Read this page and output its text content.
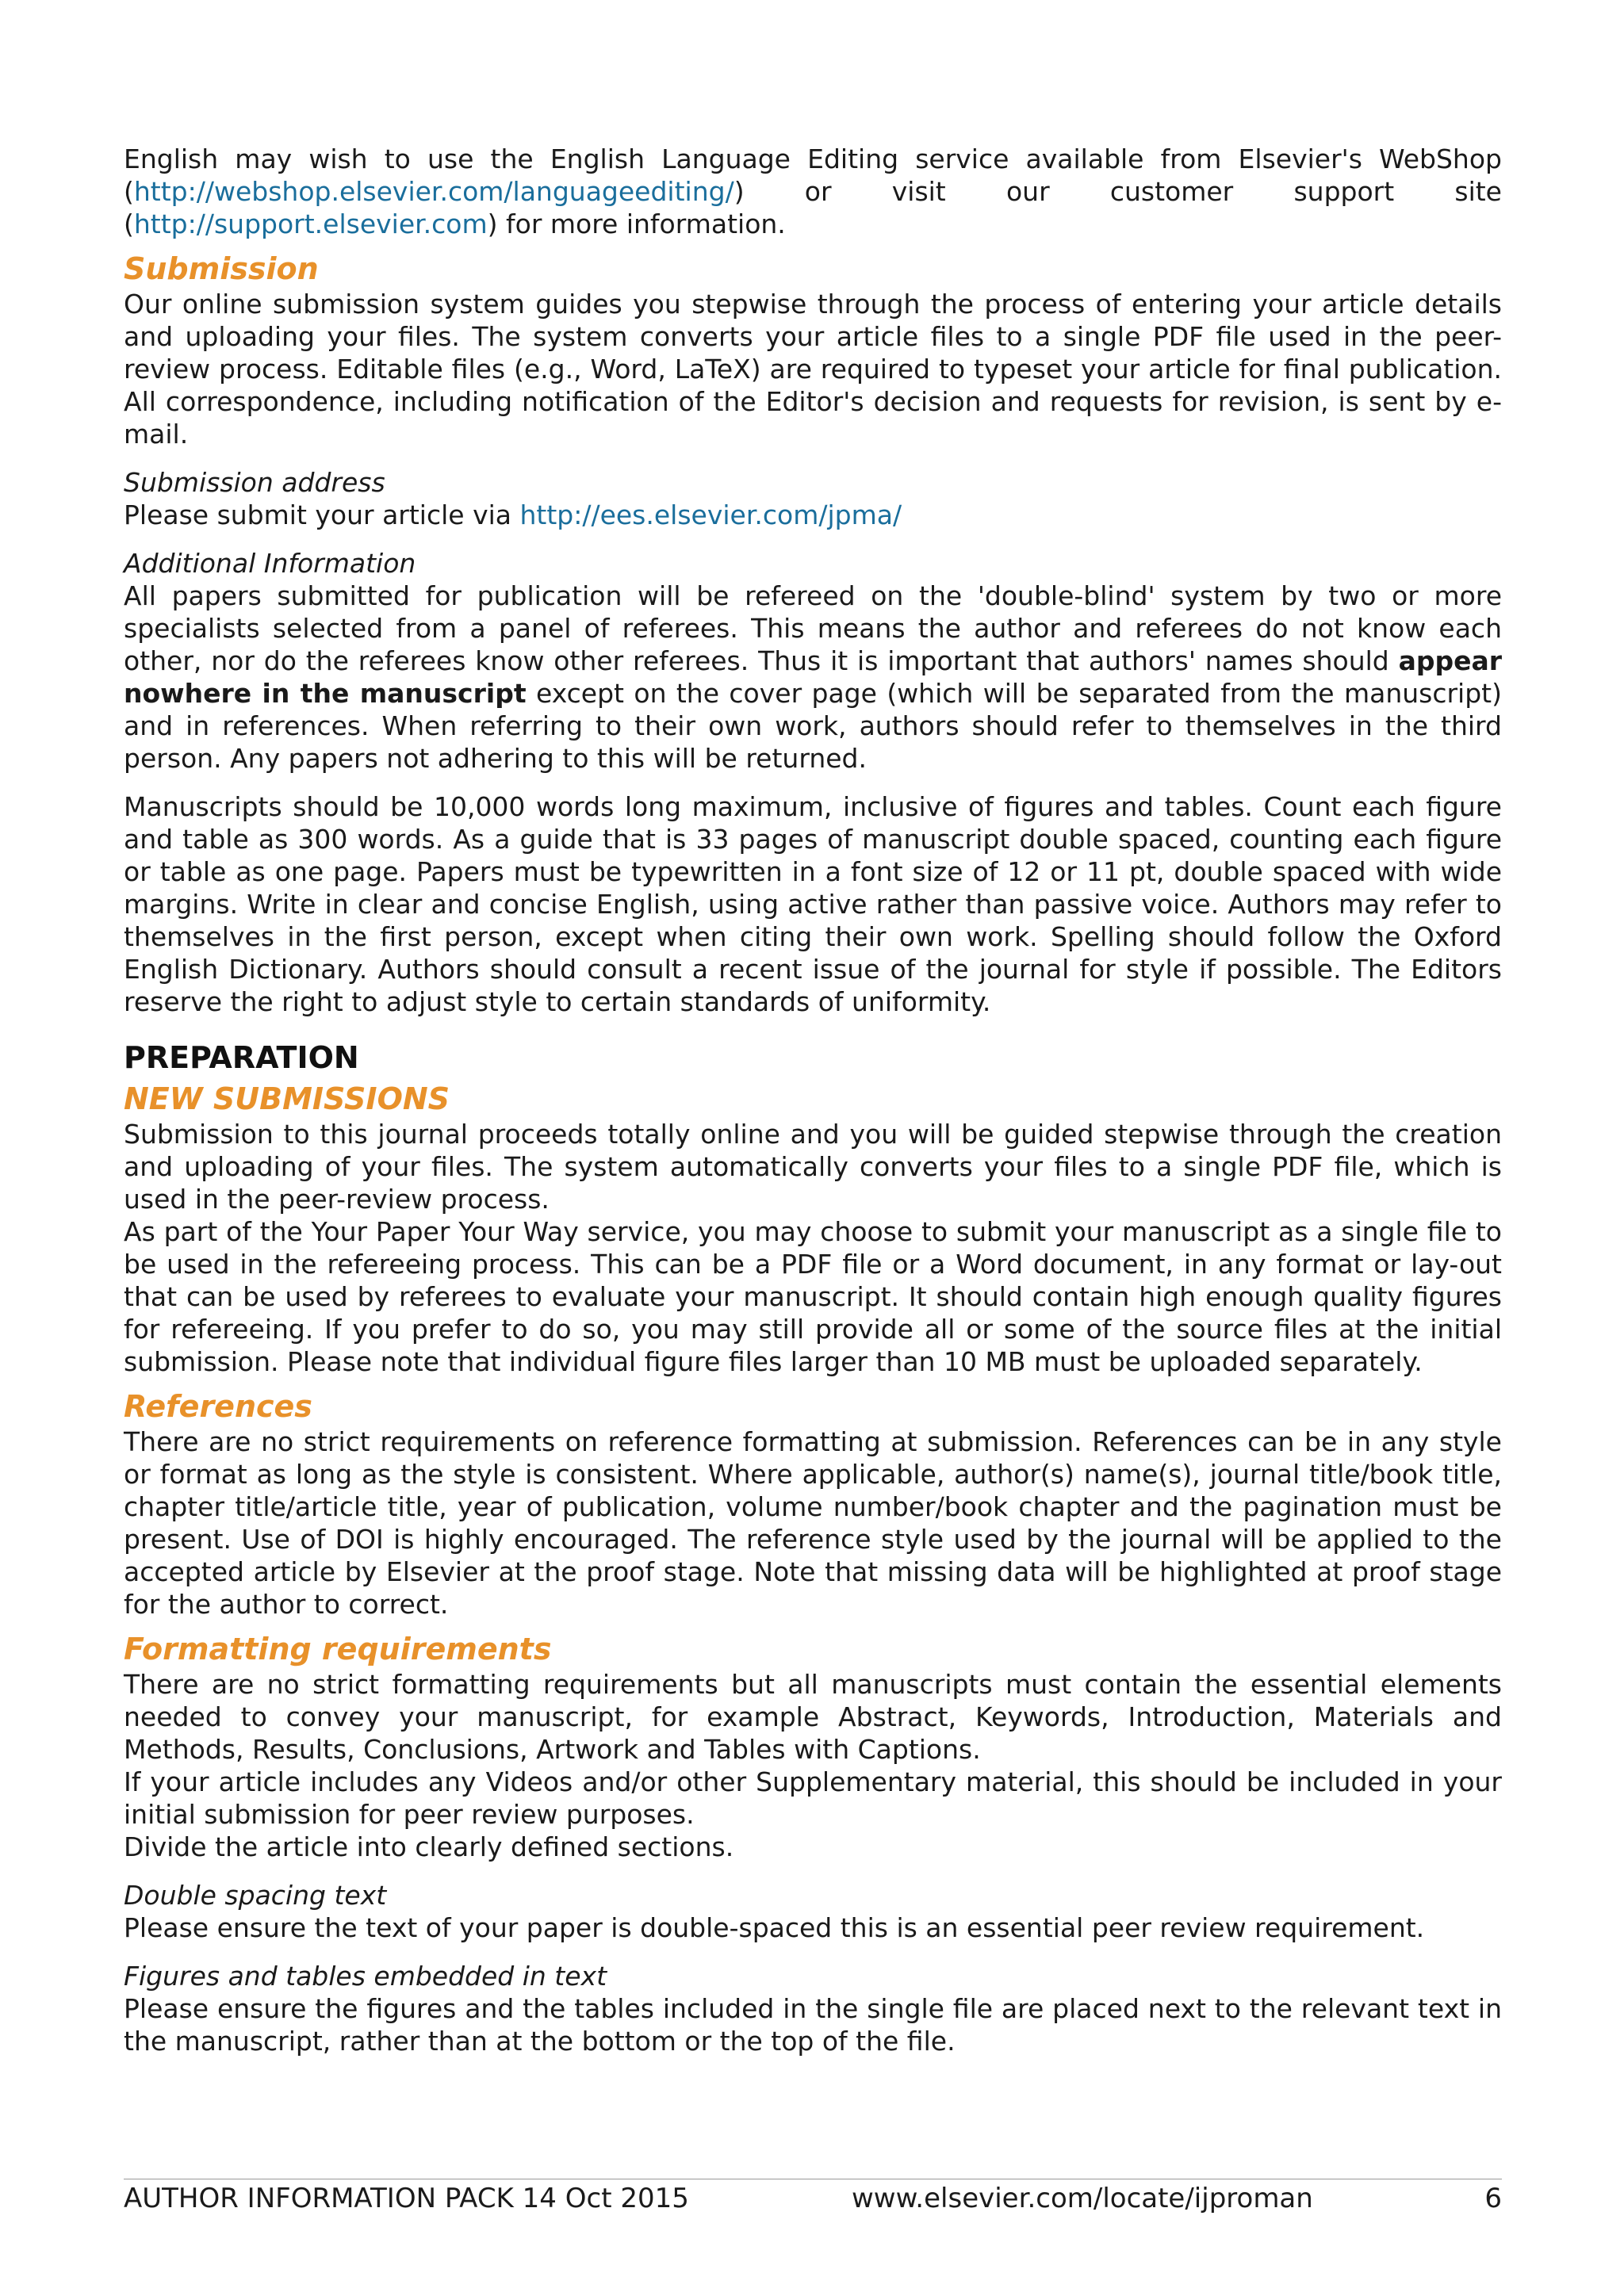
English may wish to use the English Language Editing service available from Elsevier's WebShop (http://webshop.elsevier.com/languageediting/) or visit our customer support site (http://support.elsevier.com) for more information.

Submission

Our online submission system guides you stepwise through the process of entering your article details and uploading your files. The system converts your article files to a single PDF file used in the peer-review process. Editable files (e.g., Word, LaTeX) are required to typeset your article for final publication. All correspondence, including notification of the Editor's decision and requests for revision, is sent by e-mail.

Submission address

Please submit your article via http://ees.elsevier.com/jpma/

Additional Information

All papers submitted for publication will be refereed on the 'double-blind' system by two or more specialists selected from a panel of referees. This means the author and referees do not know each other, nor do the referees know other referees. Thus it is important that authors' names should appear nowhere in the manuscript except on the cover page (which will be separated from the manuscript) and in references. When referring to their own work, authors should refer to themselves in the third person. Any papers not adhering to this will be returned.

Manuscripts should be 10,000 words long maximum, inclusive of figures and tables. Count each figure and table as 300 words. As a guide that is 33 pages of manuscript double spaced, counting each figure or table as one page. Papers must be typewritten in a font size of 12 or 11 pt, double spaced with wide margins. Write in clear and concise English, using active rather than passive voice. Authors may refer to themselves in the first person, except when citing their own work. Spelling should follow the Oxford English Dictionary. Authors should consult a recent issue of the journal for style if possible. The Editors reserve the right to adjust style to certain standards of uniformity.

PREPARATION
NEW SUBMISSIONS

Submission to this journal proceeds totally online and you will be guided stepwise through the creation and uploading of your files. The system automatically converts your files to a single PDF file, which is used in the peer-review process.

As part of the Your Paper Your Way service, you may choose to submit your manuscript as a single file to be used in the refereeing process. This can be a PDF file or a Word document, in any format or lay-out that can be used by referees to evaluate your manuscript. It should contain high enough quality figures for refereeing. If you prefer to do so, you may still provide all or some of the source files at the initial submission. Please note that individual figure files larger than 10 MB must be uploaded separately.

References

There are no strict requirements on reference formatting at submission. References can be in any style or format as long as the style is consistent. Where applicable, author(s) name(s), journal title/book title, chapter title/article title, year of publication, volume number/book chapter and the pagination must be present. Use of DOI is highly encouraged. The reference style used by the journal will be applied to the accepted article by Elsevier at the proof stage. Note that missing data will be highlighted at proof stage for the author to correct.

Formatting requirements

There are no strict formatting requirements but all manuscripts must contain the essential elements needed to convey your manuscript, for example Abstract, Keywords, Introduction, Materials and Methods, Results, Conclusions, Artwork and Tables with Captions.

If your article includes any Videos and/or other Supplementary material, this should be included in your initial submission for peer review purposes.

Divide the article into clearly defined sections.

Double spacing text

Please ensure the text of your paper is double-spaced this is an essential peer review requirement.

Figures and tables embedded in text

Please ensure the figures and the tables included in the single file are placed next to the relevant text in the manuscript, rather than at the bottom or the top of the file.

AUTHOR INFORMATION PACK 14 Oct 2015	www.elsevier.com/locate/ijproman	6
